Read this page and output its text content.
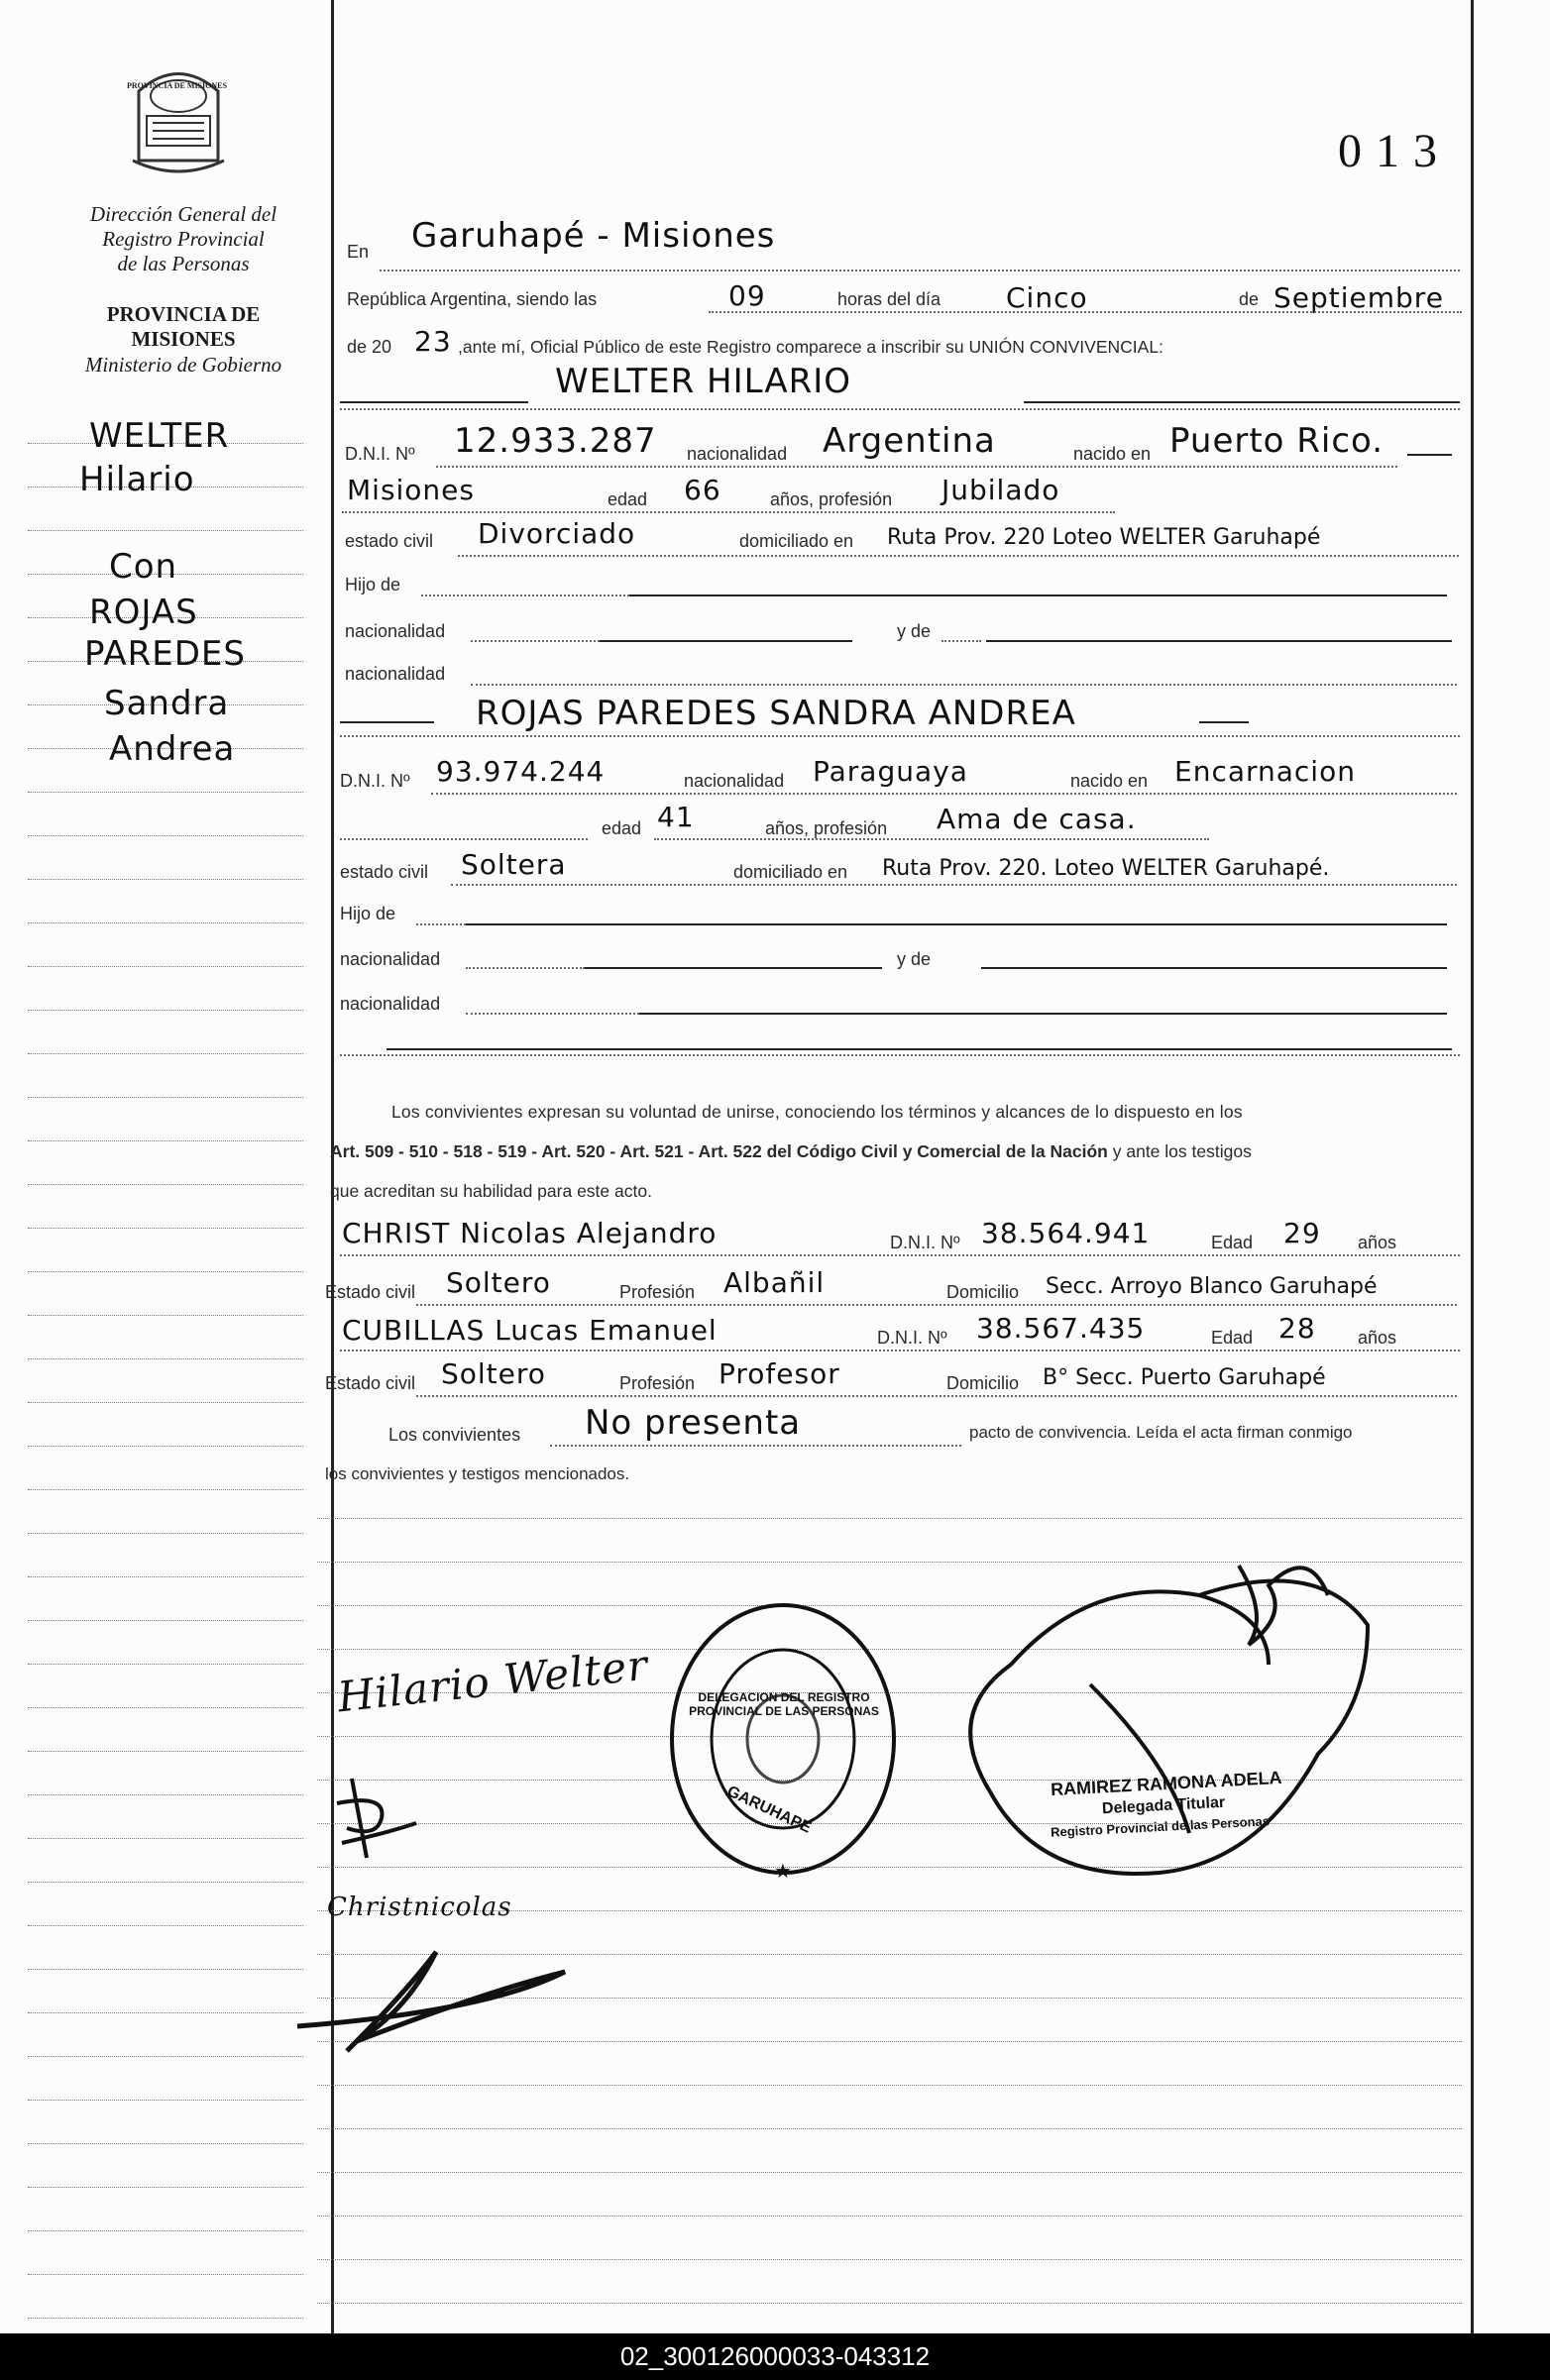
013
PROVINCIA DE MISIONES
Dirección General del
Registro Provincial
de las Personas
PROVINCIA DE
MISIONES
Ministerio de Gobierno
WELTER
Hilario
Con
ROJAS
PAREDES
Sandra
Andrea
En Garuhapé - Misiones
República Argentina, siendo las	09	horas del día Cinco	de Septiembre
de 20 23 ,ante mí, Oficial Público de este Registro comparece a inscribir su UNIÓN CONVIVENCIAL:
WELTER HILARIO
D.N.I. Nº 12.933.287 nacionalidad Argentina	nacido en Puerto Rico.
Misiones	edad 66	años, profesión Jubilado
estado civil Divorciado	domiciliado en Ruta Prov. 220 Loteo WELTER Garuhapé
Hijo de
nacionalidad	y de
nacionalidad
ROJAS PAREDES SANDRA ANDREA
D.N.I. Nº 93.974.244	nacionalidad Paraguaya	nacido en Encarnacion
edad 41	años, profesión Ama de casa.
estado civil Soltera	domiciliado en Ruta Prov. 220. Loteo WELTER Garuhapé.
Hijo de
nacionalidad	y de
nacionalidad
Los convivientes expresan su voluntad de unirse, conociendo los términos y alcances de lo dispuesto en los
Art. 509 - 510 - 518 - 519 - Art. 520 - Art. 521 - Art. 522 del Código Civil y Comercial de la Nación y ante los testigos
que acreditan su habilidad para este acto.
CHRIST Nicolas Alejandro	D.N.I. Nº 38.564.941	Edad 29 años
Estado civil Soltero	Profesión Albañil	Domicilio Secc. Arroyo Blanco Garuhapé
CUBILLAS Lucas Emanuel	D.N.I. Nº 38.567.435	Edad 28 años
Estado civil Soltero	Profesión Profesor	Domicilio B° Secc. Puerto Garuhapé
Los convivientes No presenta	pacto de convivencia. Leída el acta firman conmigo
los convivientes y testigos mencionados.
Hilario Welter
Christnicolas
★
DELEGACION DEL REGISTRO PROVINCIAL DE LAS PERSONAS
GARUHAPE	RAMIREZ RAMONA ADELA
Delegada Titular
Registro Provincial de las Personas
02_300126000033-043312
